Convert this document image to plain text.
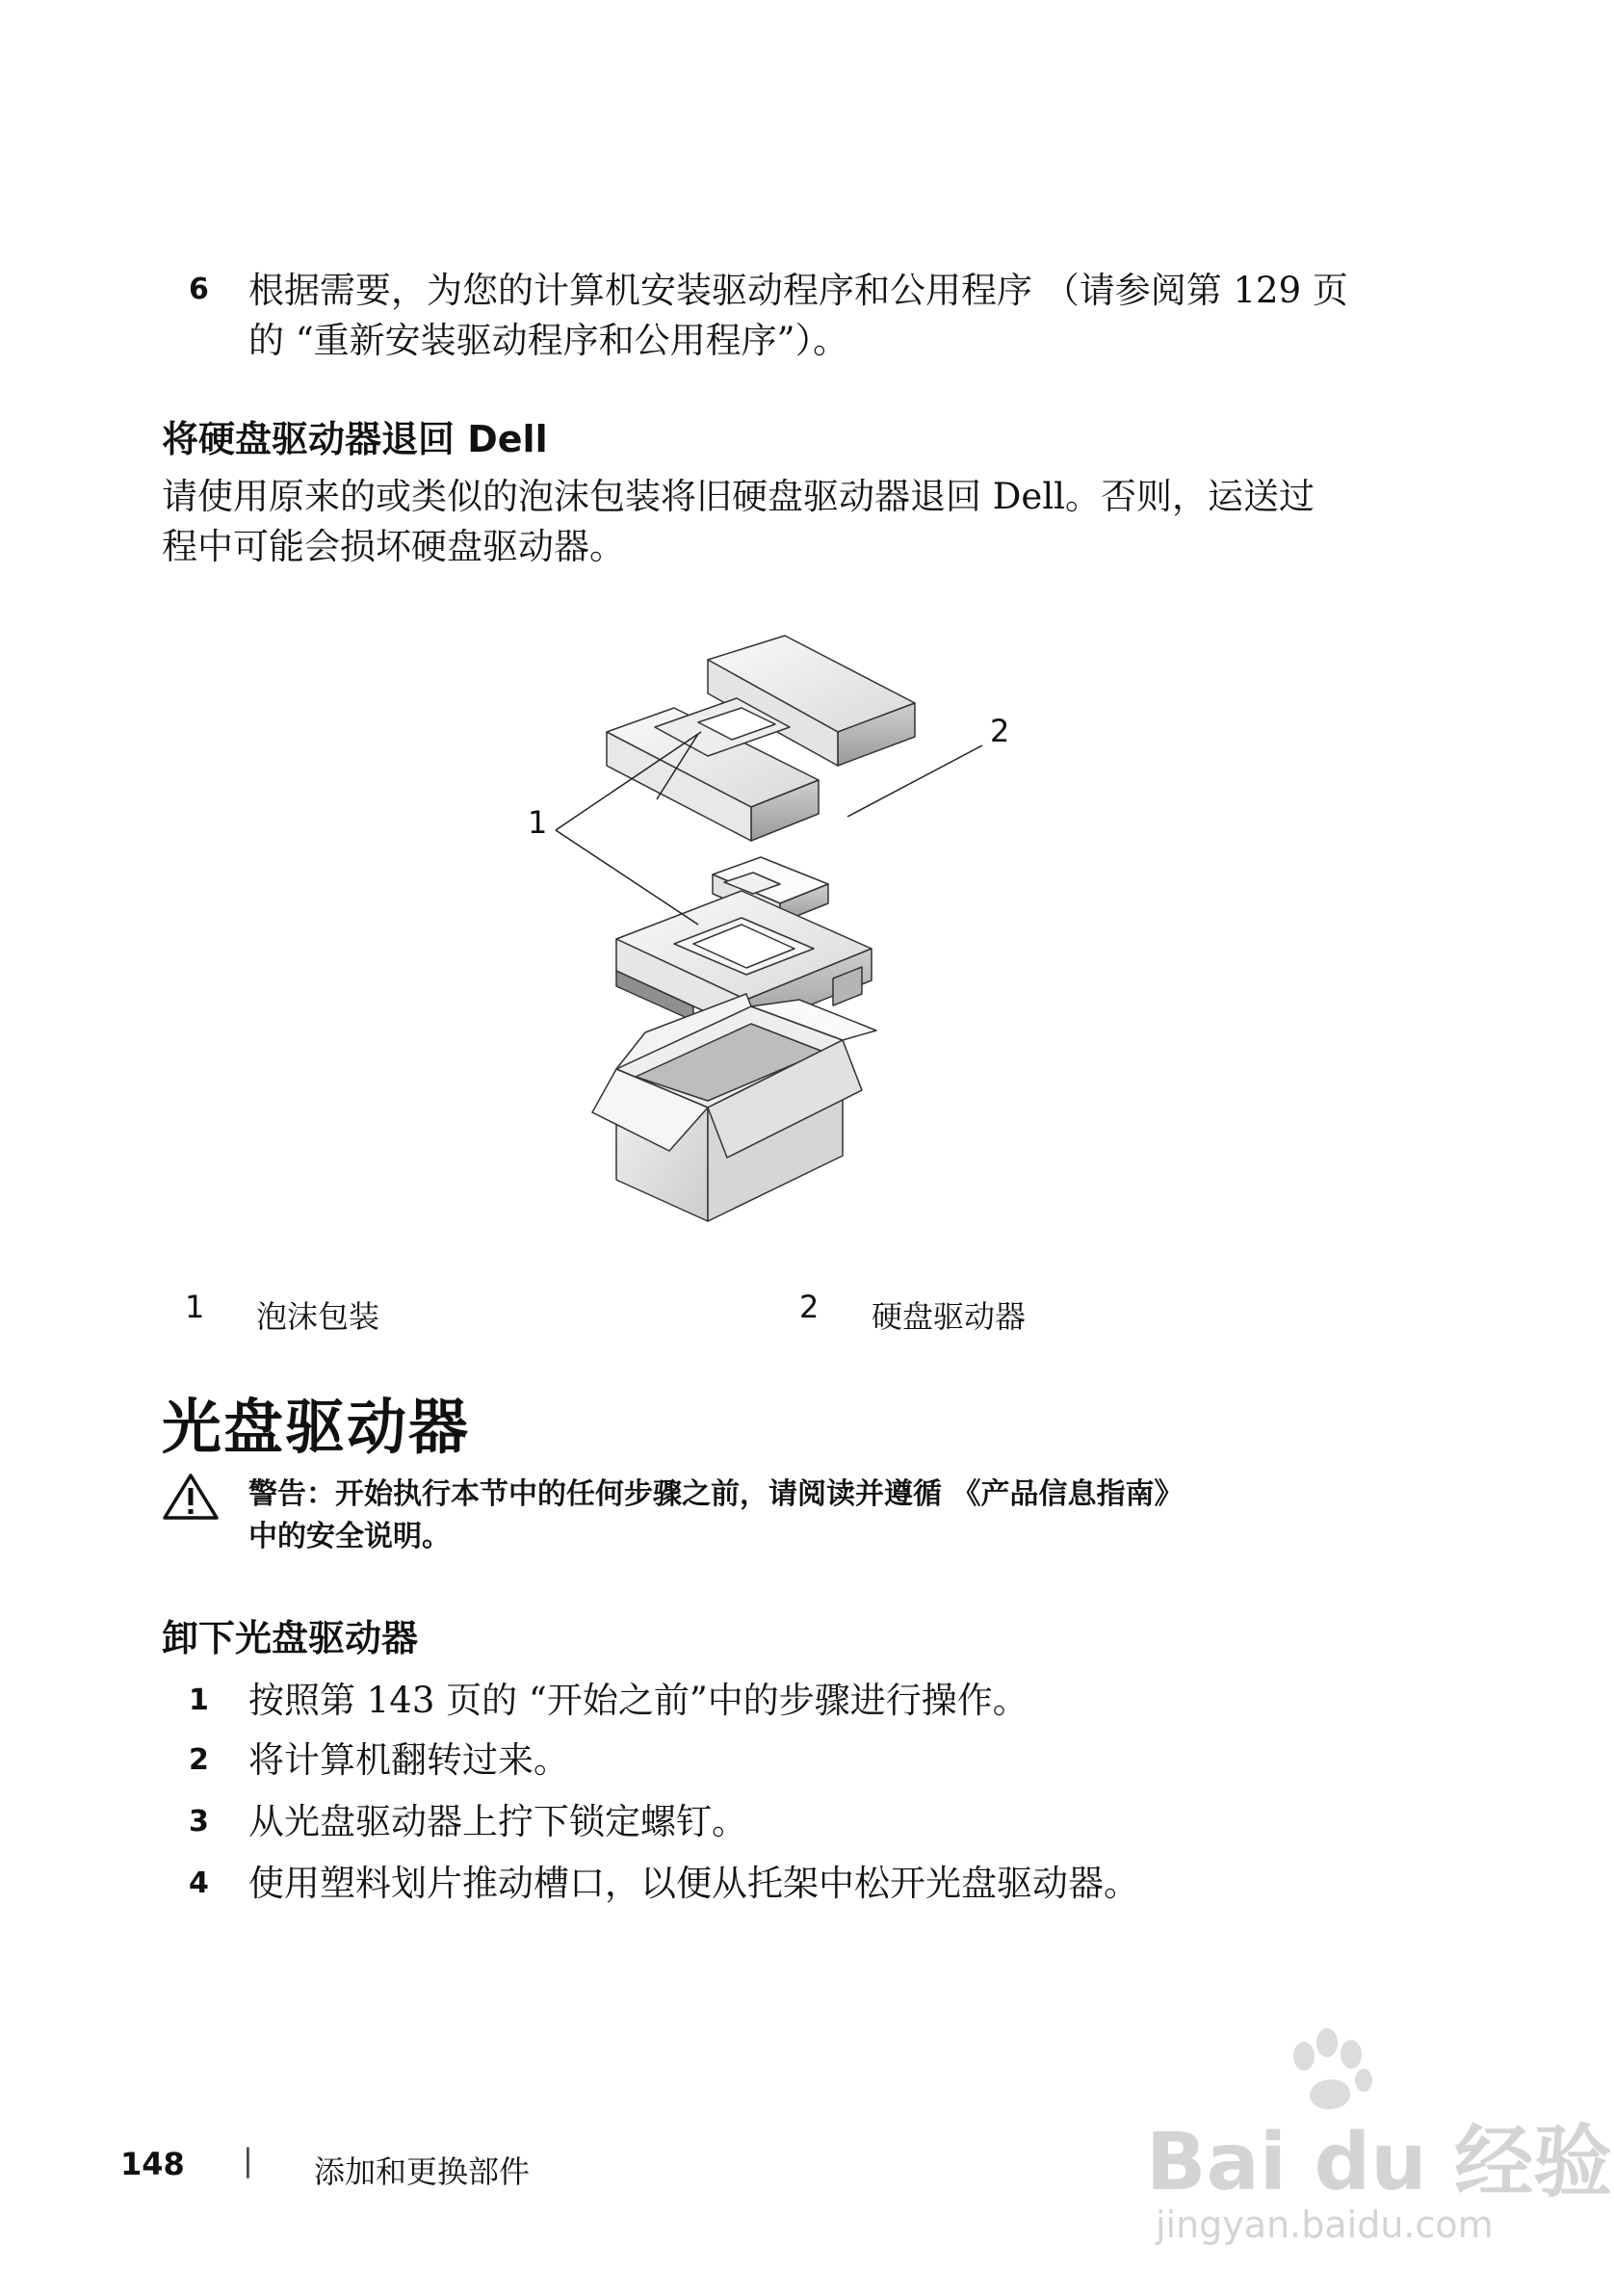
6 根据需要，为您的计算机安装驱动程序和公用程序 （请参阅第 129 页
的 “重新安装驱动程序和公用程序”）。
将硬盘驱动器退回 Dell
请使用原来的或类似的泡沫包装将旧硬盘驱动器退回 Dell。否则，运送过
程中可能会损坏硬盘驱动器。
1
2
1 泡沫包装	2 硬盘驱动器
光盘驱动器
警告：开始执行本节中的任何步骤之前，请阅读并遵循 《产品信息指南》
中的安全说明。
卸下光盘驱动器
1 按照第 143 页的 “开始之前”中的步骤进行操作。
2 将计算机翻转过来。
3 从光盘驱动器上拧下锁定螺钉。
4 使用塑料划片推动槽口，以便从托架中松开光盘驱动器。
148 | 添加和更换部件	Bai du 经验
jingyan.baidu.com
